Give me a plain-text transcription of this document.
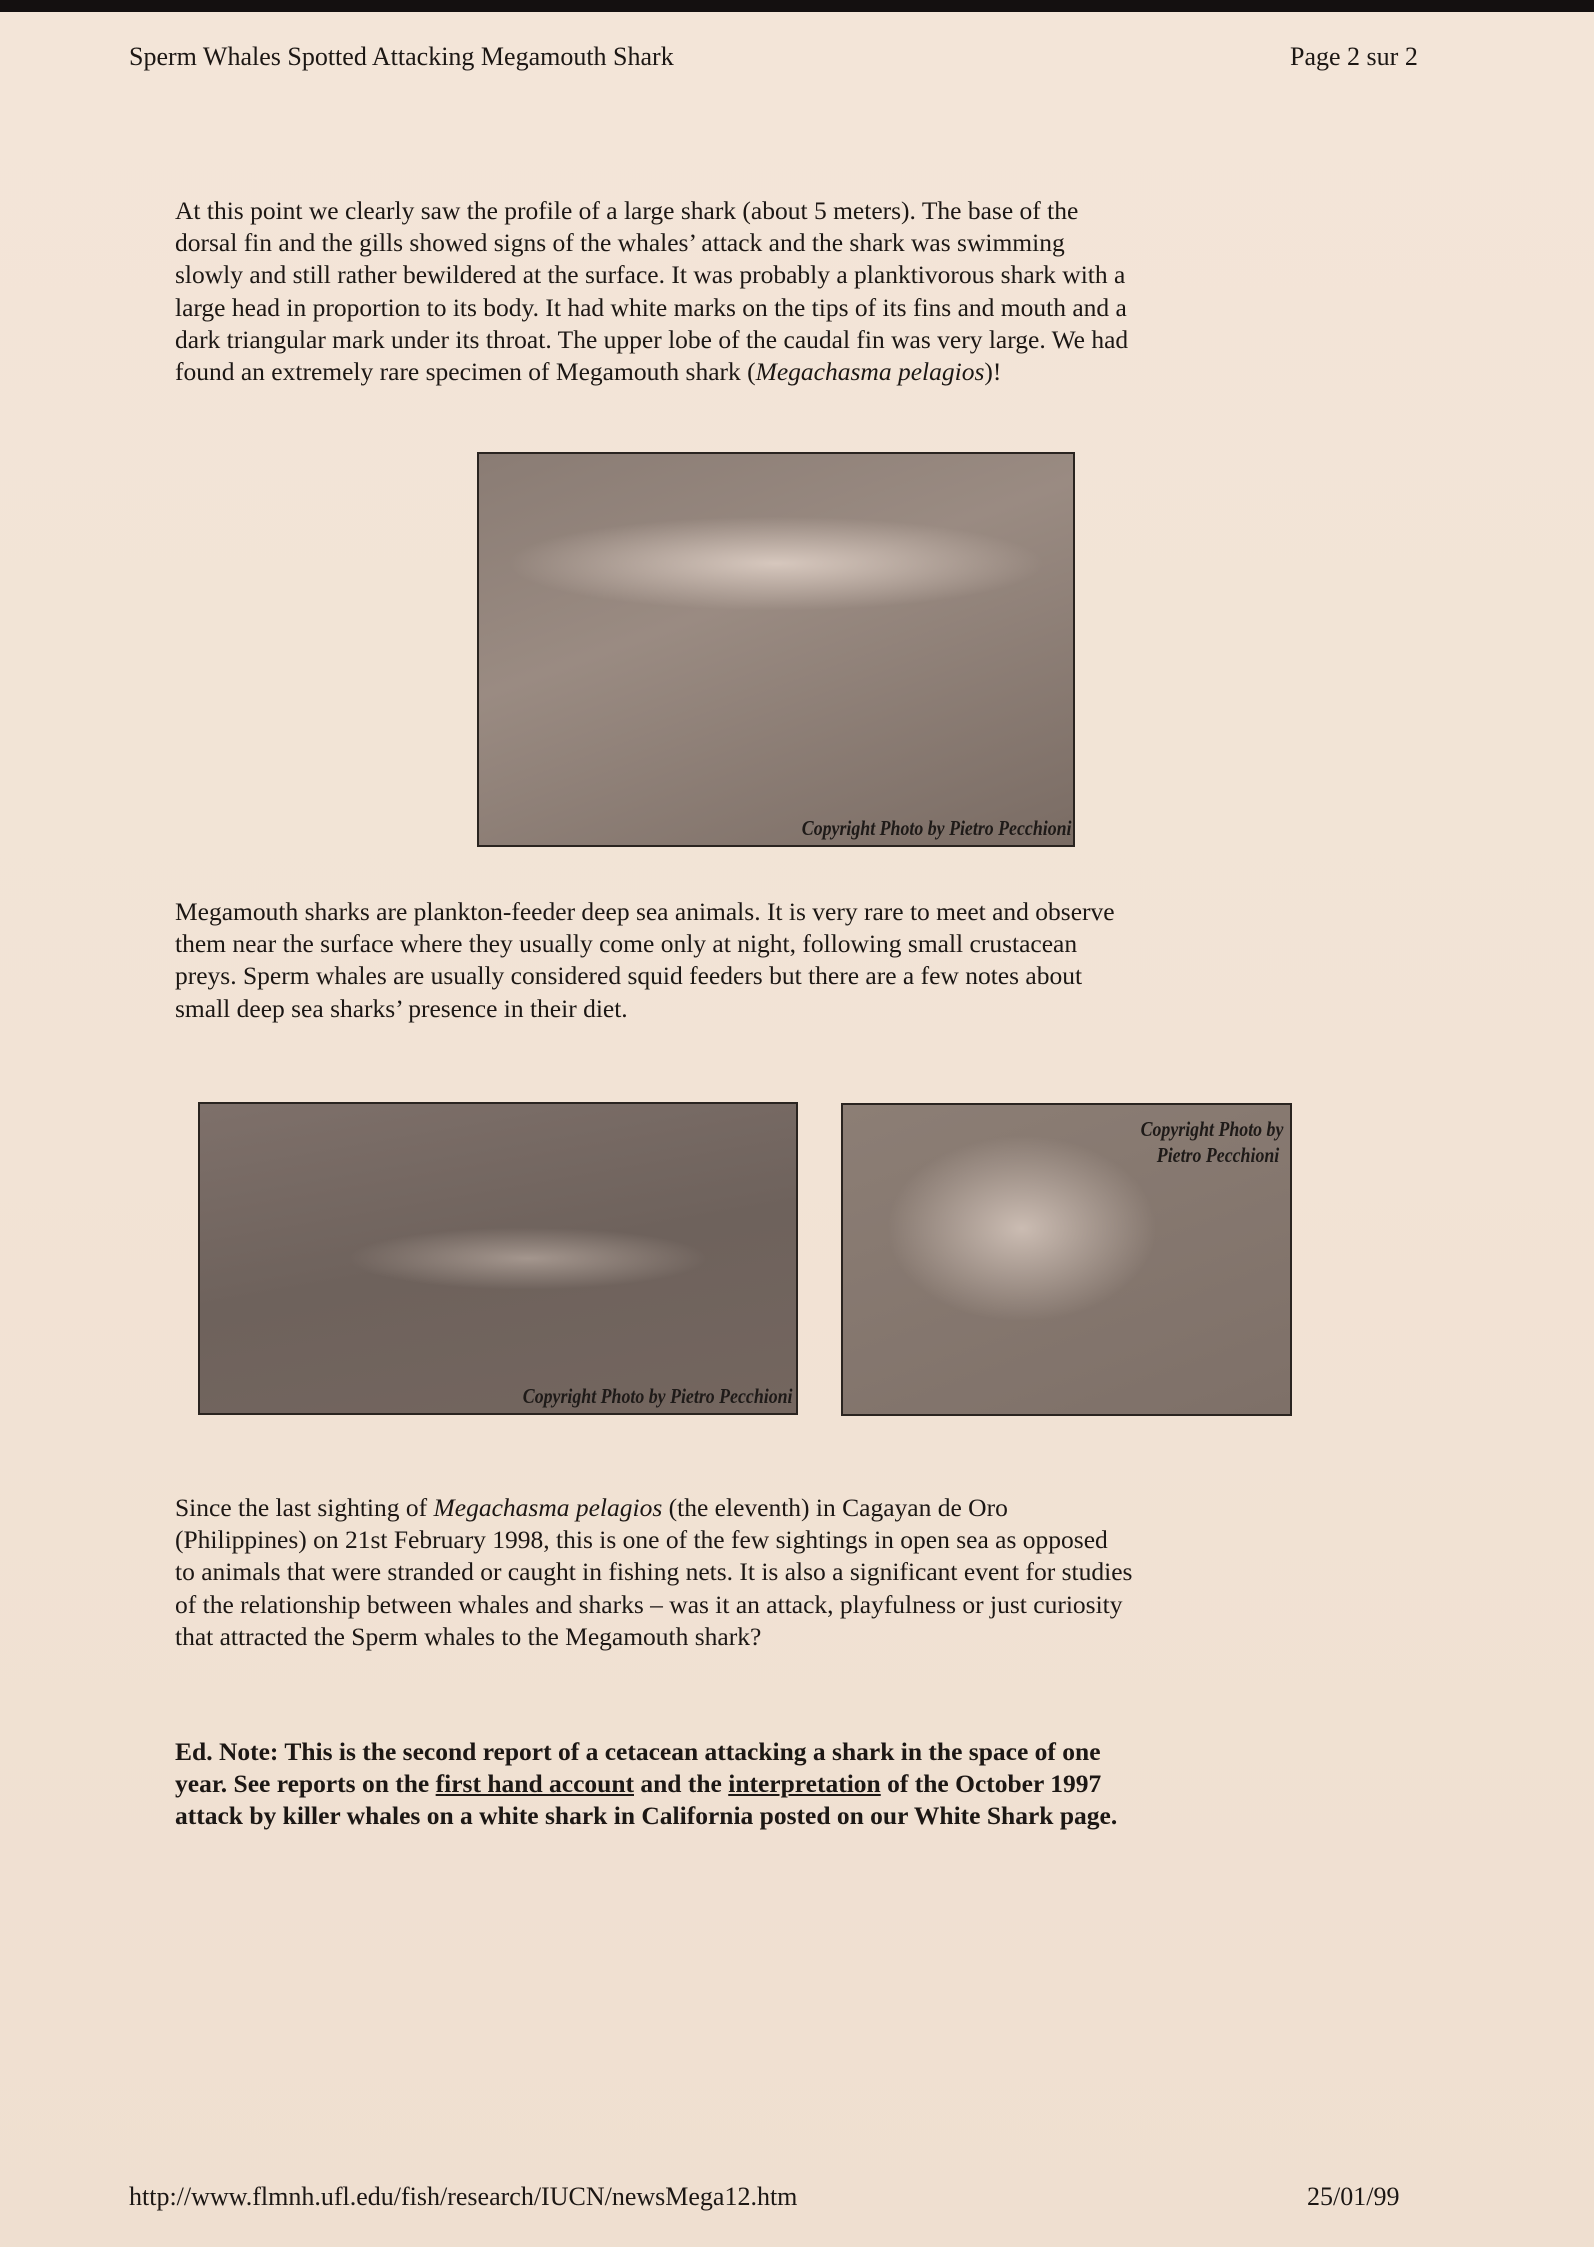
Sperm Whales Spotted Attacking Megamouth Shark	Page 2 sur 2
At this point we clearly saw the profile of a large shark (about 5 meters). The base of the
dorsal fin and the gills showed signs of the whales’ attack and the shark was swimming
slowly and still rather bewildered at the surface. It was probably a planktivorous shark with a
large head in proportion to its body. It had white marks on the tips of its fins and mouth and a
dark triangular mark under its throat. The upper lobe of the caudal fin was very large. We had
found an extremely rare specimen of Megamouth shark (Megachasma pelagios)!
Copyright Photo by Pietro Pecchioni
Megamouth sharks are plankton-feeder deep sea animals. It is very rare to meet and observe
them near the surface where they usually come only at night, following small crustacean
preys. Sperm whales are usually considered squid feeders but there are a few notes about
small deep sea sharks’ presence in their diet.
Copyright Photo by Pietro Pecchioni
Copyright Photo by
Pietro Pecchioni
Since the last sighting of Megachasma pelagios (the eleventh) in Cagayan de Oro
(Philippines) on 21st February 1998, this is one of the few sightings in open sea as opposed
to animals that were stranded or caught in fishing nets. It is also a significant event for studies
of the relationship between whales and sharks – was it an attack, playfulness or just curiosity
that attracted the Sperm whales to the Megamouth shark?
Ed. Note: This is the second report of a cetacean attacking a shark in the space of one
year. See reports on the first hand account and the interpretation of the October 1997
attack by killer whales on a white shark in California posted on our White Shark page.
http://www.flmnh.ufl.edu/fish/research/IUCN/newsMega12.htm	25/01/99
